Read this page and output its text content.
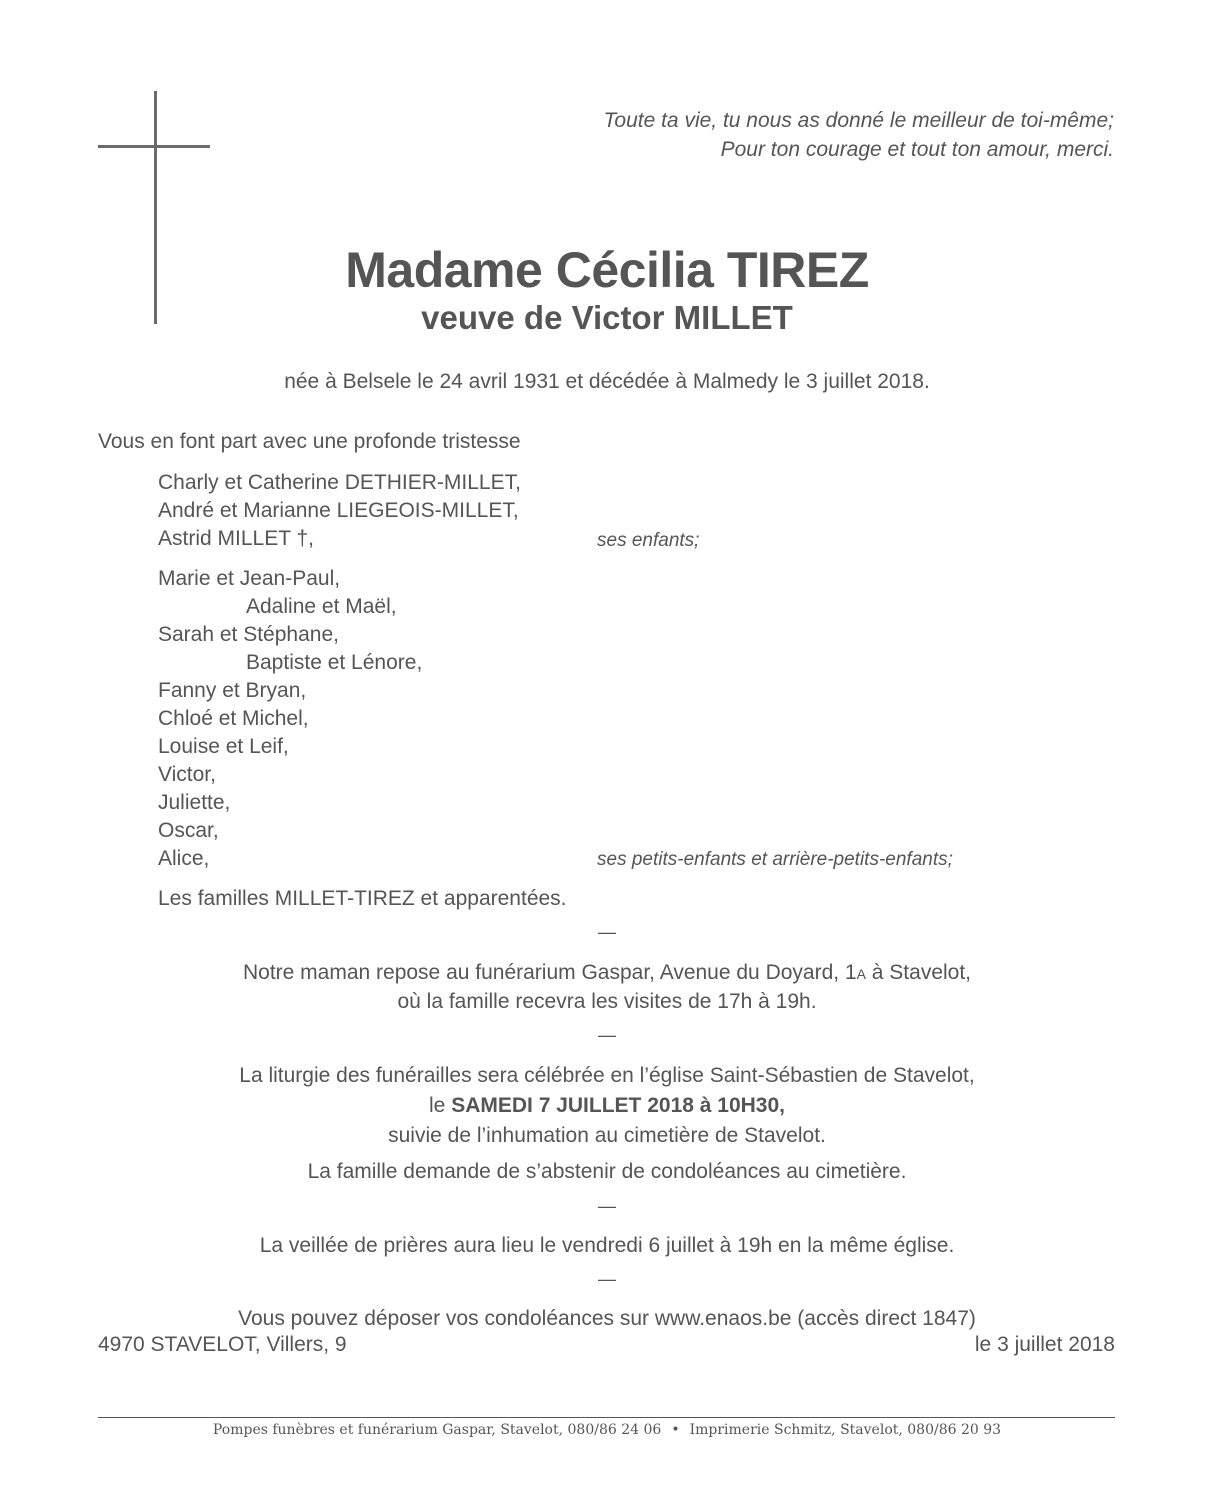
Toute ta vie, tu nous as donné le meilleur de toi-même;
Pour ton courage et tout ton amour, merci.
Madame Cécilia TIREZ
veuve de Victor MILLET
née à Belsele le 24 avril 1931 et décédée à Malmedy le 3 juillet 2018.
Vous en font part avec une profonde tristesse
Charly et Catherine DETHIER-MILLET,
André et Marianne LIEGEOIS-MILLET,
Astrid MILLET †,	ses enfants;
Marie et Jean-Paul,
Adaline et Maël,
Sarah et Stéphane,
Baptiste et Lénore,
Fanny et Bryan,
Chloé et Michel,
Louise et Leif,
Victor,
Juliette,
Oscar,
Alice,	ses petits-enfants et arrière-petits-enfants;
Les familles MILLET-TIREZ et apparentées.
—
Notre maman repose au funérarium Gaspar, Avenue du Doyard, 1A à Stavelot,
où la famille recevra les visites de 17h à 19h.
—
La liturgie des funérailles sera célébrée en l’église Saint-Sébastien de Stavelot,
le SAMEDI 7 JUILLET 2018 à 10H30,
suivie de l’inhumation au cimetière de Stavelot.
La famille demande de s’abstenir de condoléances au cimetière.
—
La veillée de prières aura lieu le vendredi 6 juillet à 19h en la même église.
—
Vous pouvez déposer vos condoléances sur www.enaos.be (accès direct 1847)
4970 STAVELOT, Villers, 9	le 3 juillet 2018
Pompes funèbres et funérarium Gaspar, Stavelot, 080/86 24 06 • Imprimerie Schmitz, Stavelot, 080/86 20 93
